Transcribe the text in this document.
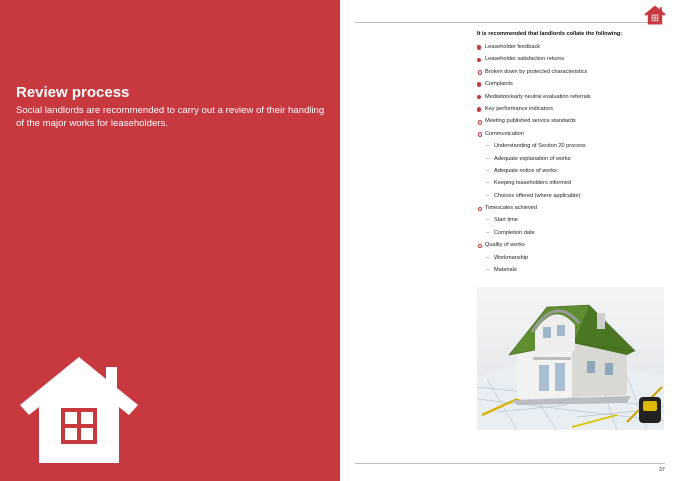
Review process

Social landlords are recommended to carry out a review of their handling of the major works for leaseholders.

It is recommended that landlords collate the following:

Leaseholder feedback
Leaseholder satisfaction returns
Broken down by protected characteristics
Complaints
Mediation/early neutral evaluation referrals
Key performance indicators
Meeting published service standards
Communication
– Understanding of Section 20 process
– Adequate explanation of works
– Adequate notice of works
– Keeping leaseholders informed
– Choices offered (where applicable)
Timescales achieved
– Start time
– Completion date
Quality of works
– Workmanship
– Materials
37
